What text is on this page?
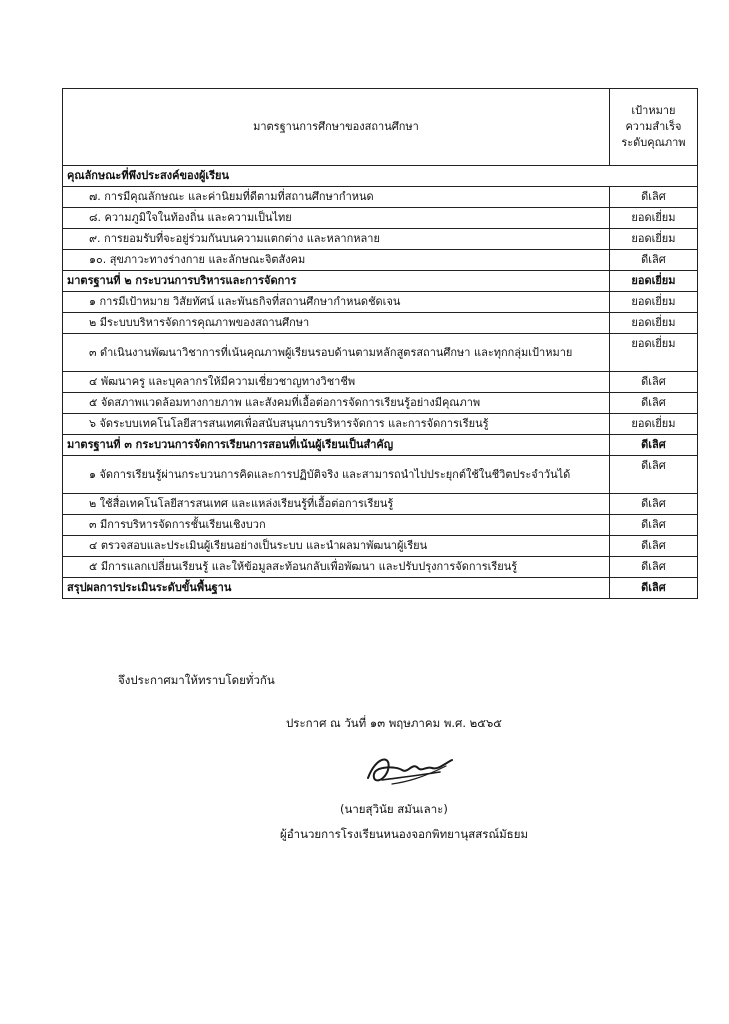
มาตรฐานการศึกษาของสถานศึกษา	เป้าหมาย
ความสำเร็จ
ระดับคุณภาพ

คุณลักษณะที่พึงประสงค์ของผู้เรียน	
๗. การมีคุณลักษณะ และค่านิยมที่ดีตามที่สถานศึกษากำหนด	ดีเลิศ
๘. ความภูมิใจในท้องถิ่น และความเป็นไทย	ยอดเยี่ยม
๙. การยอมรับที่จะอยู่ร่วมกันบนความแตกต่าง และหลากหลาย	ยอดเยี่ยม
๑๐. สุขภาวะทางร่างกาย และลักษณะจิตสังคม	ดีเลิศ
มาตรฐานที่ ๒ กระบวนการบริหารและการจัดการ	ยอดเยี่ยม
๑ การมีเป้าหมาย วิสัยทัศน์ และพันธกิจที่สถานศึกษากำหนดชัดเจน	ยอดเยี่ยม
๒ มีระบบบริหารจัดการคุณภาพของสถานศึกษา	ยอดเยี่ยม
๓ ดำเนินงานพัฒนาวิชาการที่เน้นคุณภาพผู้เรียนรอบด้านตามหลักสูตรสถานศึกษา และทุกกลุ่มเป้าหมาย	ยอดเยี่ยม
๔ พัฒนาครู และบุคลากรให้มีความเชี่ยวชาญทางวิชาชีพ	ดีเลิศ
๕ จัดสภาพแวดล้อมทางกายภาพ และสังคมที่เอื้อต่อการจัดการเรียนรู้อย่างมีคุณภาพ	ดีเลิศ
๖ จัดระบบเทคโนโลยีสารสนเทศเพื่อสนับสนุนการบริหารจัดการ และการจัดการเรียนรู้	ยอดเยี่ยม
มาตรฐานที่ ๓ กระบวนการจัดการเรียนการสอนที่เน้นผู้เรียนเป็นสำคัญ	ดีเลิศ
๑ จัดการเรียนรู้ผ่านกระบวนการคิดและการปฏิบัติจริง และสามารถนำไปประยุกต์ใช้ในชีวิตประจำวันได้	ดีเลิศ
๒ ใช้สื่อเทคโนโลยีสารสนเทศ และแหล่งเรียนรู้ที่เอื้อต่อการเรียนรู้	ดีเลิศ
๓ มีการบริหารจัดการชั้นเรียนเชิงบวก	ดีเลิศ
๔ ตรวจสอบและประเมินผู้เรียนอย่างเป็นระบบ และนำผลมาพัฒนาผู้เรียน	ดีเลิศ
๕ มีการแลกเปลี่ยนเรียนรู้ และให้ข้อมูลสะท้อนกลับเพื่อพัฒนา และปรับปรุงการจัดการเรียนรู้	ดีเลิศ
สรุปผลการประเมินระดับขั้นพื้นฐาน	ดีเลิศ
จึงประกาศมาให้ทราบโดยทั่วกัน
ประกาศ ณ วันที่ ๑๓ พฤษภาคม พ.ศ. ๒๕๖๕
(นายสุวินัย สมันเลาะ)
ผู้อำนวยการโรงเรียนหนองจอกพิทยานุสสรณ์มัธยม
